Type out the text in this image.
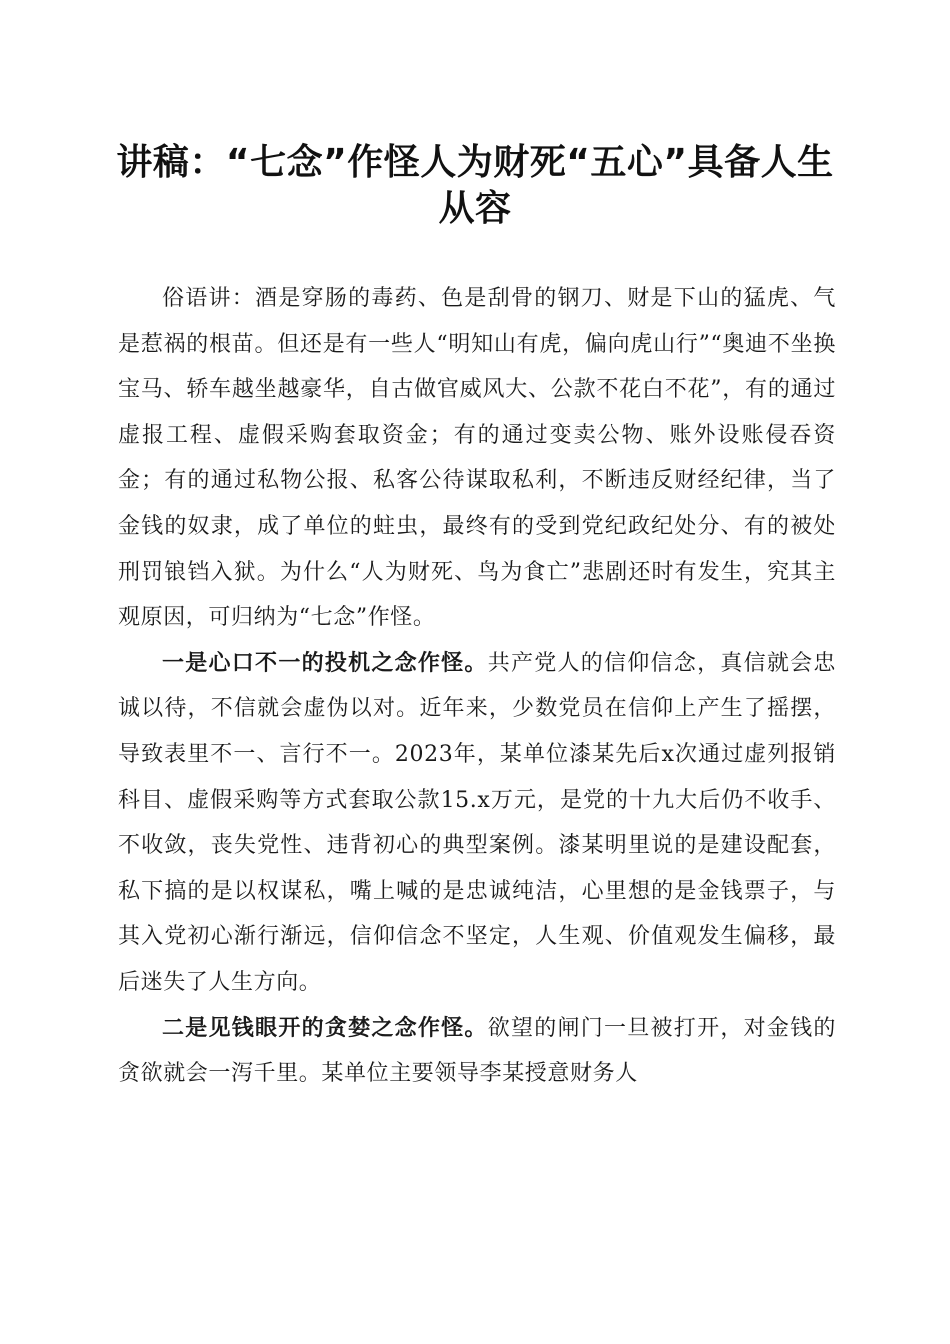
讲稿：“七念”作怪人为财死“五心”具备人生从容

俗语讲：酒是穿肠的毒药、色是刮骨的钢刀、财是下山的猛虎、气是惹祸的根苗。但还是有一些人“明知山有虎，偏向虎山行”“奥迪不坐换宝马、轿车越坐越豪华，自古做官威风大、公款不花白不花”，有的通过虚报工程、虚假采购套取资金；有的通过变卖公物、账外设账侵吞资金；有的通过私物公报、私客公待谋取私利，不断违反财经纪律，当了金钱的奴隶，成了单位的蛀虫，最终有的受到党纪政纪处分、有的被处刑罚锒铛入狱。为什么“人为财死、鸟为食亡”悲剧还时有发生，究其主观原因，可归纳为“七念”作怪。

一是心口不一的投机之念作怪。共产党人的信仰信念，真信就会忠诚以待，不信就会虚伪以对。近年来，少数党员在信仰上产生了摇摆，导致表里不一、言行不一。2023年，某单位漆某先后x次通过虚列报销科目、虚假采购等方式套取公款15.x万元，是党的十九大后仍不收手、不收敛，丧失党性、违背初心的典型案例。漆某明里说的是建设配套，私下搞的是以权谋私，嘴上喊的是忠诚纯洁，心里想的是金钱票子，与其入党初心渐行渐远，信仰信念不坚定，人生观、价值观发生偏移，最后迷失了人生方向。

二是见钱眼开的贪婪之念作怪。欲望的闸门一旦被打开，对金钱的贪欲就会一泻千里。某单位主要领导李某授意财务人
